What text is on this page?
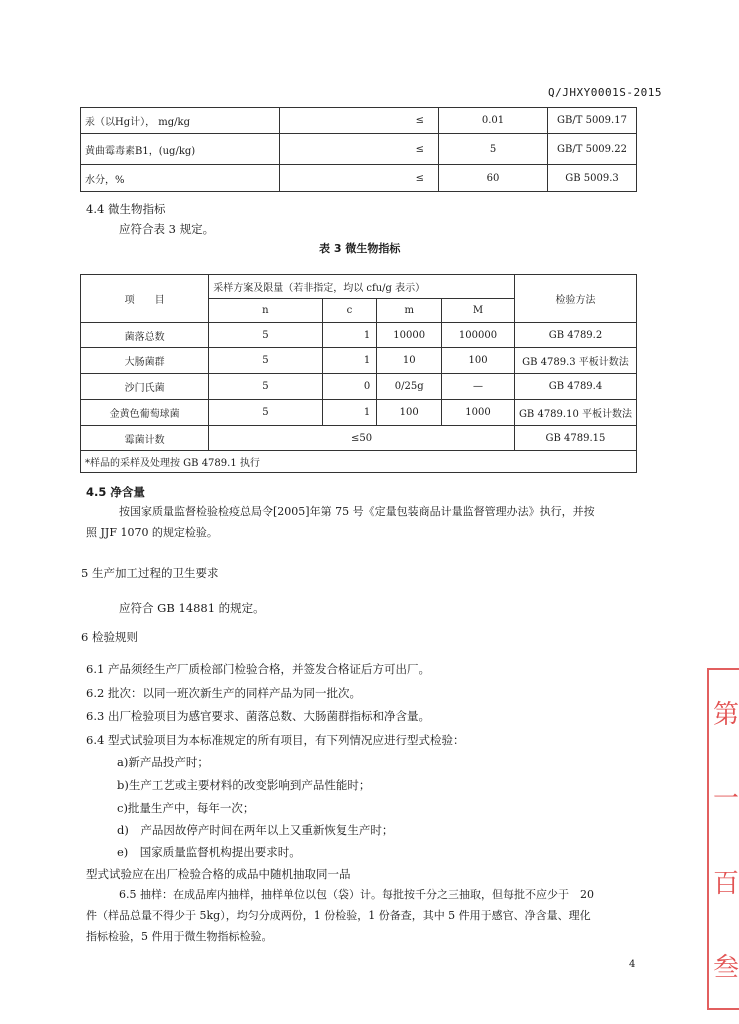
Q/JHXY0001S-2015
汞（以Hg计）， mg/kg	≤	0.01	GB/T 5009.17
黄曲霉毒素B1，(ug/kg)	≤	5	GB/T 5009.22
水分，%	≤	60	GB 5009.3
4.4 微生物指标
应符合表 3 规定。
表 3 微生物指标
项　　目	采样方案及限量（若非指定，均以 cfu/g 表示）				检验方法
	n	c	m	M	
菌落总数	5	1	10000	100000	GB 4789.2
大肠菌群	5	1	10	100	GB 4789.3 平板计数法
沙门氏菌	5	0	0/25g	—	GB 4789.4
金黄色葡萄球菌	5	1	100	1000	GB 4789.10 平板计数法
霉菌计数	≤50				GB 4789.15
*样品的采样及处理按 GB 4789.1 执行					
4.5 净含量
按国家质量监督检验检疫总局令[2005]年第 75 号《定量包装商品计量监督管理办法》执行，并按
照 JJF 1070 的规定检验。
5 生产加工过程的卫生要求
应符合 GB 14881 的规定。
6 检验规则
6.1 产品须经生产厂质检部门检验合格，并签发合格证后方可出厂。
6.2 批次：以同一班次新生产的同样产品为同一批次。
6.3 出厂检验项目为感官要求、菌落总数、大肠菌群指标和净含量。
6.4 型式试验项目为本标准规定的所有项目，有下列情况应进行型式检验：
a)新产品投产时；
b)生产工艺或主要材料的改变影响到产品性能时；
c)批量生产中，每年一次；
d)　产品因故停产时间在两年以上又重新恢复生产时；
e)　国家质量监督机构提出要求时。
型式试验应在出厂检验合格的成品中随机抽取同一品
6.5 抽样：在成品库内抽样，抽样单位以包（袋）计。每批按千分之三抽取，但每批不应少于　20
件（样品总量不得少于 5kg），均匀分成两份，1 份检验，1 份备查，其中 5 件用于感官、净含量、理化
指标检验，5 件用于微生物指标检验。
4
第
一
百
叁
